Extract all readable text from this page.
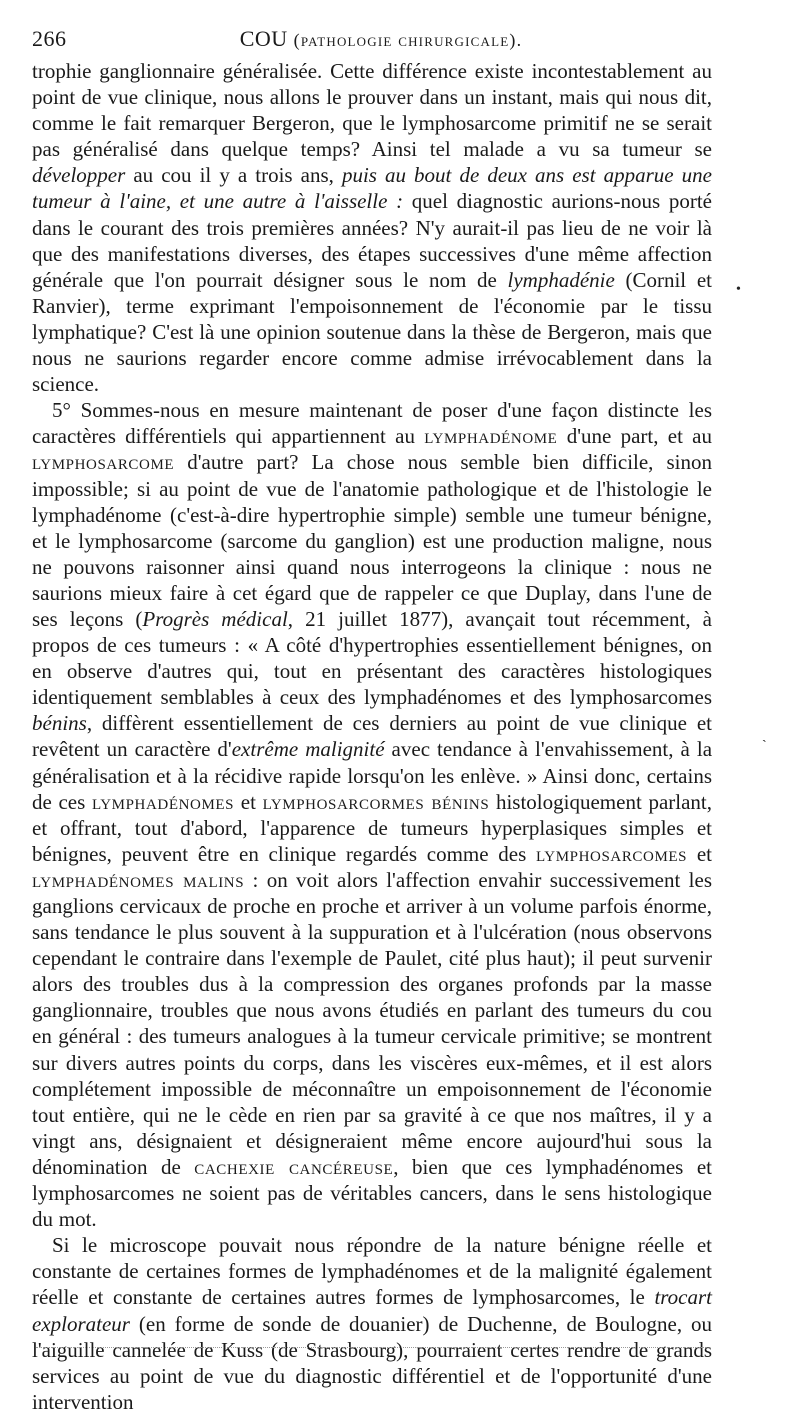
266	COU (pathologie chirurgicale).

trophie ganglionnaire généralisée. Cette différence existe incontestablement au point de vue clinique, nous allons le prouver dans un instant, mais qui nous dit, comme le fait remarquer Bergeron, que le lymphosarcome primitif ne se serait pas généralisé dans quelque temps? Ainsi tel malade a vu sa tumeur se développer au cou il y a trois ans, puis au bout de deux ans est apparue une tumeur à l'aine, et une autre à l'aisselle : quel diagnostic aurions-nous porté dans le courant des trois premières années? N'y aurait-il pas lieu de ne voir là que des manifestations diverses, des étapes successives d'une même affection générale que l'on pourrait désigner sous le nom de lymphadénie (Cornil et Ranvier), terme exprimant l'empoisonnement de l'économie par le tissu lymphatique? C'est là une opinion soutenue dans la thèse de Bergeron, mais que nous ne saurions regarder encore comme admise irrévocablement dans la science.

5° Sommes-nous en mesure maintenant de poser d'une façon distincte les caractères différentiels qui appartiennent au lymphadénome d'une part, et au lymphosarcome d'autre part? La chose nous semble bien difficile, sinon impossible; si au point de vue de l'anatomie pathologique et de l'histologie le lymphadénome (c'est-à-dire hypertrophie simple) semble une tumeur bénigne, et le lymphosarcome (sarcome du ganglion) est une production maligne, nous ne pouvons raisonner ainsi quand nous interrogeons la clinique : nous ne saurions mieux faire à cet égard que de rappeler ce que Duplay, dans l'une de ses leçons (Progrès médical, 21 juillet 1877), avançait tout récemment, à propos de ces tumeurs : « A côté d'hypertrophies essentiellement bénignes, on en observe d'autres qui, tout en présentant des caractères histologiques identiquement semblables à ceux des lymphadénomes et des lymphosarcomes bénins, diffèrent essentiellement de ces derniers au point de vue clinique et revêtent un caractère d'extrême malignité avec tendance à l'envahissement, à la généralisation et à la récidive rapide lorsqu'on les enlève. » Ainsi donc, certains de ces lymphadénomes et lymphosarcormes bénins histologiquement parlant, et offrant, tout d'abord, l'apparence de tumeurs hyperplasiques simples et bénignes, peuvent être en clinique regardés comme des lymphosarcomes et lymphadénomes malins : on voit alors l'affection envahir successivement les ganglions cervicaux de proche en proche et arriver à un volume parfois énorme, sans tendance le plus souvent à la suppuration et à l'ulcération (nous observons cependant le contraire dans l'exemple de Paulet, cité plus haut); il peut survenir alors des troubles dus à la compression des organes profonds par la masse ganglionnaire, troubles que nous avons étudiés en parlant des tumeurs du cou en général : des tumeurs analogues à la tumeur cervicale primitive; se montrent sur divers autres points du corps, dans les viscères eux-mêmes, et il est alors complétement impossible de méconnaître un empoisonnement de l'économie tout entière, qui ne le cède en rien par sa gravité à ce que nos maîtres, il y a vingt ans, désignaient et désigneraient même encore aujourd'hui sous la dénomination de cachexie cancéreuse, bien que ces lymphadénomes et lymphosarcomes ne soient pas de véritables cancers, dans le sens histologique du mot.

Si le microscope pouvait nous répondre de la nature bénigne réelle et constante de certaines formes de lymphadénomes et de la malignité également réelle et constante de certaines autres formes de lymphosarcomes, le trocart explorateur (en forme de sonde de douanier) de Duchenne, de Boulogne, ou l'aiguille cannelée de Kuss (de Strasbourg), pourraient certes rendre de grands services au point de vue du diagnostic différentiel et de l'opportunité d'une intervention

•
ˏ
